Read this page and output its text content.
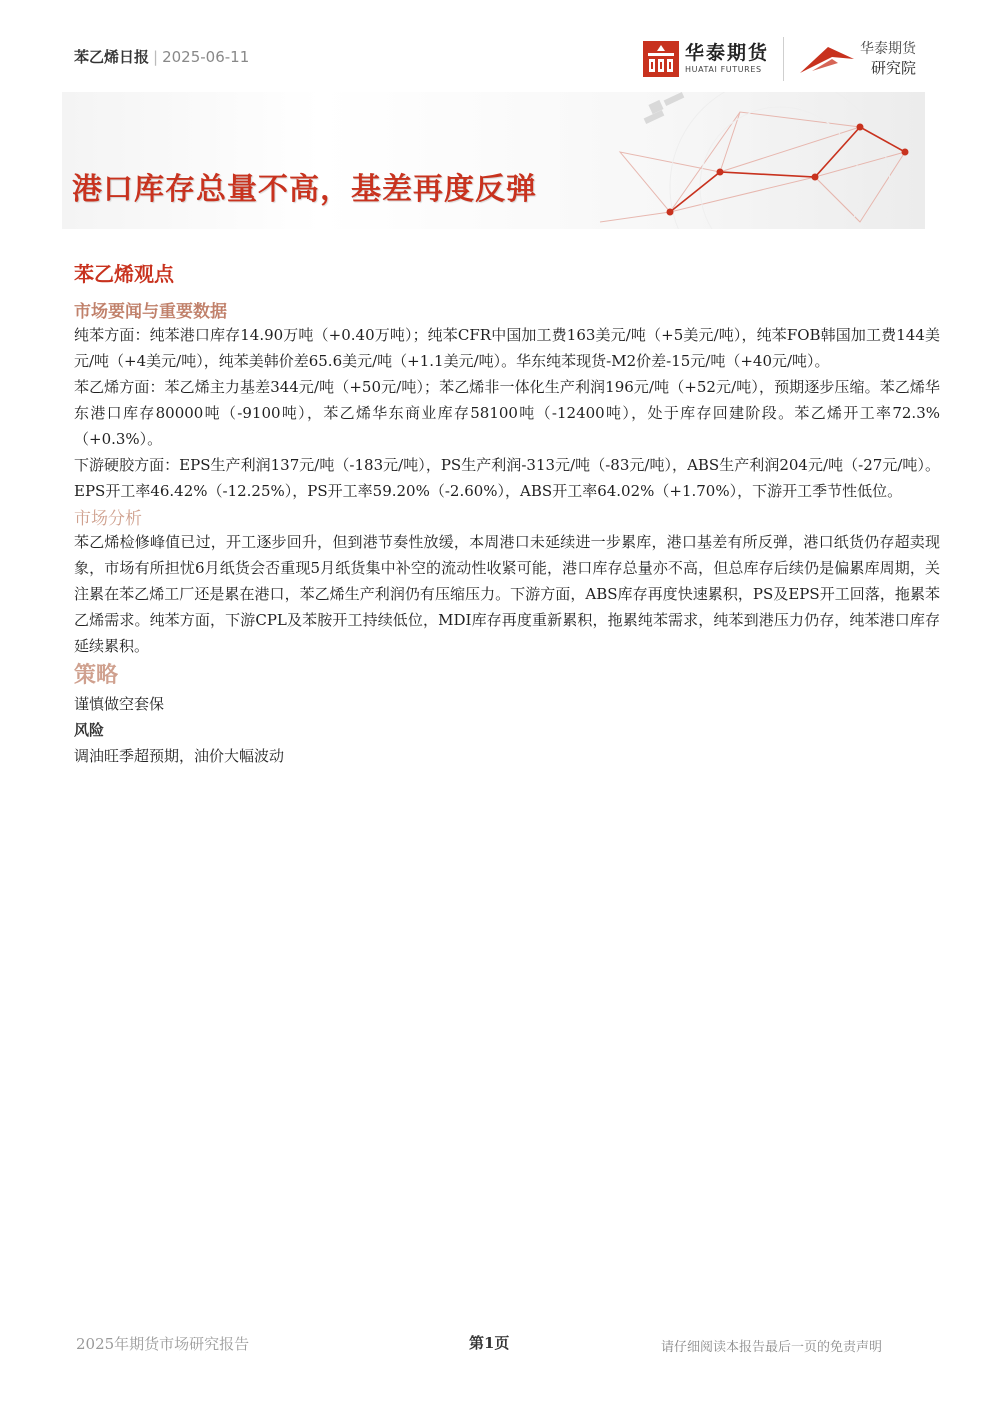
苯乙烯日报 | 2025-06-11	华泰期货
HUATAI FUTURES
华泰期货
研究院
港口库存总量不高，基差再度反弹
苯乙烯观点
市场要闻与重要数据

纯苯方面：纯苯港口库存14.90万吨（+0.40万吨）；纯苯CFR中国加工费163美元/吨（+5美元/吨），纯苯FOB韩国加工费144美元/吨（+4美元/吨），纯苯美韩价差65.6美元/吨（+1.1美元/吨）。华东纯苯现货-M2价差-15元/吨（+40元/吨）。

苯乙烯方面：苯乙烯主力基差344元/吨（+50元/吨）；苯乙烯非一体化生产利润196元/吨（+52元/吨），预期逐步压缩。苯乙烯华东港口库存80000吨（-9100吨），苯乙烯华东商业库存58100吨（-12400吨），处于库存回建阶段。苯乙烯开工率72.3%（+0.3%）。

下游硬胶方面：EPS生产利润137元/吨（-183元/吨），PS生产利润-313元/吨（-83元/吨），ABS生产利润204元/吨（-27元/吨）。EPS开工率46.42%（-12.25%），PS开工率59.20%（-2.60%），ABS开工率64.02%（+1.70%），下游开工季节性低位。

市场分析

苯乙烯检修峰值已过，开工逐步回升，但到港节奏性放缓，本周港口未延续进一步累库，港口基差有所反弹，港口纸货仍存超卖现象，市场有所担忧6月纸货会否重现5月纸货集中补空的流动性收紧可能，港口库存总量亦不高，但总库存后续仍是偏累库周期，关注累在苯乙烯工厂还是累在港口，苯乙烯生产利润仍有压缩压力。下游方面，ABS库存再度快速累积，PS及EPS开工回落，拖累苯乙烯需求。纯苯方面，下游CPL及苯胺开工持续低位，MDI库存再度重新累积，拖累纯苯需求，纯苯到港压力仍存，纯苯港口库存延续累积。

策略

谨慎做空套保

风险

调油旺季超预期，油价大幅波动

2025年期货市场研究报告	第1页	请仔细阅读本报告最后一页的免责声明
